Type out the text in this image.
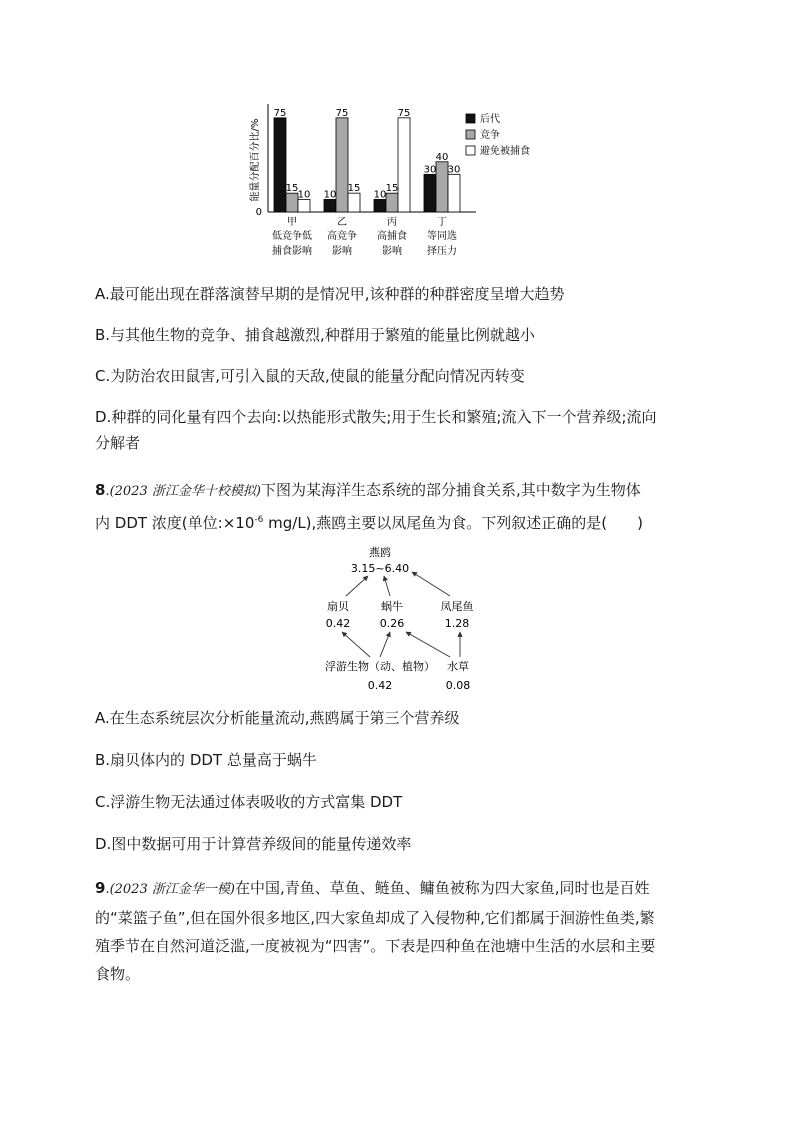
能量分配百分比/%
0
75
15
10 10
75
15
10
15
75
30
40
30
甲
低竞争低
捕食影响
乙
高竞争
影响
丙
高捕食
影响
丁
等同选
择压力
后代
竞争
避免被捕食
A.最可能出现在群落演替早期的是情况甲,该种群的种群密度呈增大趋势
B.与其他生物的竞争、捕食越激烈,种群用于繁殖的能量比例就越小
C.为防治农田鼠害,可引入鼠的天敌,使鼠的能量分配向情况丙转变
D.种群的同化量有四个去向:以热能形式散失;用于生长和繁殖;流入下一个营养级;流向
分解者
8.(2023 浙江金华十校模拟)下图为某海洋生态系统的部分捕食关系,其中数字为生物体
内 DDT 浓度(单位$:\times 10^{-6}$ mg/L),燕鸥主要以凤尾鱼为食。下列叙述正确的是(　　)
燕鸥
3.15~6.40
扇贝
0.42
蜗牛
0.26
凤尾鱼
1.28
浮游生物（动、植物）
0.42
水草
0.08
A.在生态系统层次分析能量流动,燕鸥属于第三个营养级
B.扇贝体内的 DDT 总量高于蜗牛
C.浮游生物无法通过体表吸收的方式富集 DDT
D.图中数据可用于计算营养级间的能量传递效率
9.(2023 浙江金华一模)在中国,青鱼、草鱼、鲢鱼、鳙鱼被称为四大家鱼,同时也是百姓
的“菜篮子鱼”,但在国外很多地区,四大家鱼却成了入侵物种,它们都属于洄游性鱼类,繁
殖季节在自然河道泛滥,一度被视为“四害”。下表是四种鱼在池塘中生活的水层和主要
食物。
